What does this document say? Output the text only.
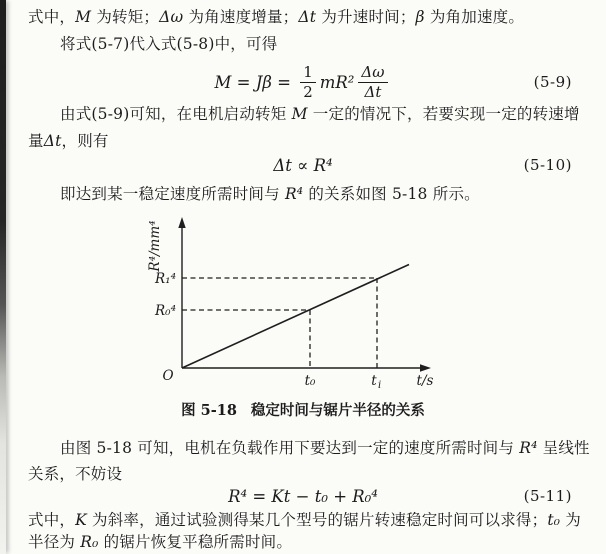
式中，M 为转矩；Δω 为角速度增量；Δt 为升速时间；β 为角加速度。
将式(5-7)代入式(5-8)中，可得
$M = J\beta = \frac{1}{2} mR^2 \frac{\Delta\omega}{\Delta t}$	(5-9)
由式(5-9)可知，在电机启动转矩 M 一定的情况下，若要实现一定的转速增
量Δt，则有
Δt ∝ R⁴	(5-10)
即达到某一稳定速度所需时间与 R⁴ 的关系如图 5-18 所示。
R₁⁴
R₀⁴
O	t₀	t i	t/s
R⁴/mm⁴
图 5-18 稳定时间与锯片半径的关系
由图 5-18 可知，电机在负载作用下要达到一定的速度所需时间与 R⁴ 呈线性
关系，不妨设
R⁴ = Kt − t₀ + R₀⁴	(5-11)
式中，K 为斜率，通过试验测得某几个型号的锯片转速稳定时间可以求得；t₀ 为
半径为 R₀ 的锯片恢复平稳所需时间。
